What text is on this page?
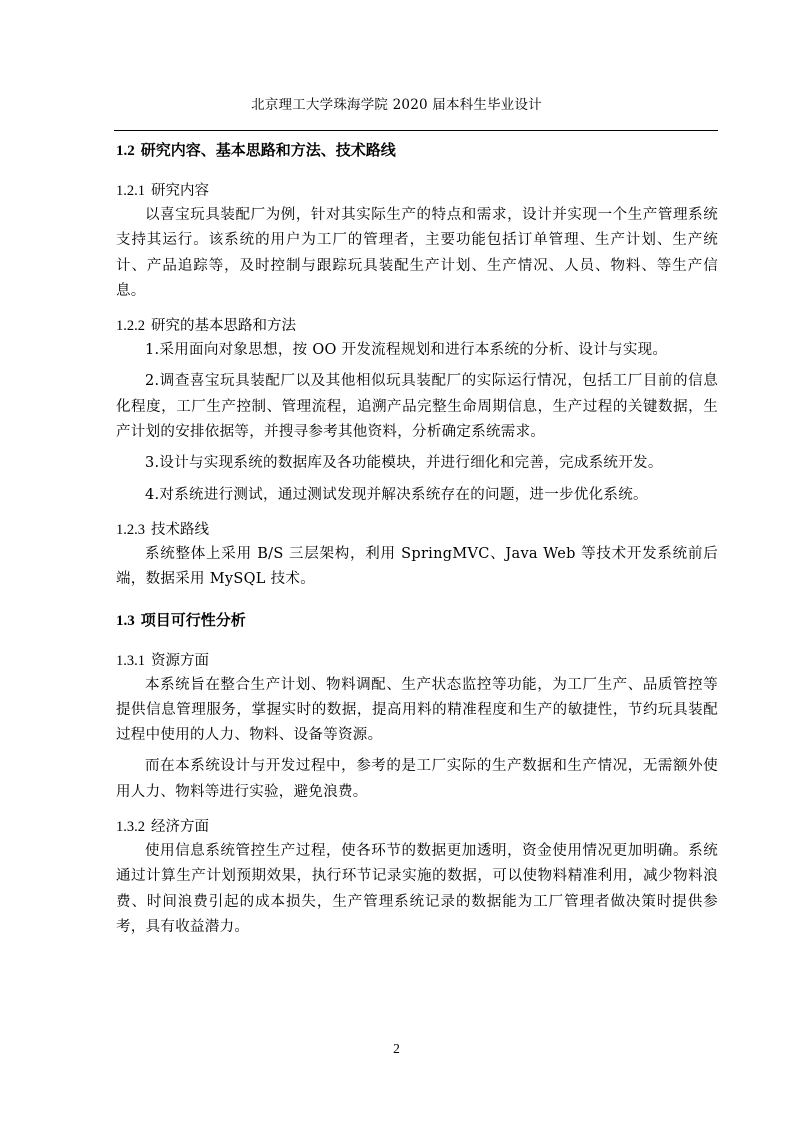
北京理工大学珠海学院 2020 届本科生毕业设计
1.2 研究内容、基本思路和方法、技术路线
1.2.1 研究内容

以喜宝玩具装配厂为例，针对其实际生产的特点和需求，设计并实现一个生产管理系统支持其运行。该系统的用户为工厂的管理者，主要功能包括订单管理、生产计划、生产统计、产品追踪等，及时控制与跟踪玩具装配生产计划、生产情况、人员、物料、等生产信息。

1.2.2 研究的基本思路和方法

1.采用面向对象思想，按 OO 开发流程规划和进行本系统的分析、设计与实现。

2.调查喜宝玩具装配厂以及其他相似玩具装配厂的实际运行情况，包括工厂目前的信息化程度，工厂生产控制、管理流程，追溯产品完整生命周期信息，生产过程的关键数据，生产计划的安排依据等，并搜寻参考其他资料，分析确定系统需求。

3.设计与实现系统的数据库及各功能模块，并进行细化和完善，完成系统开发。

4.对系统进行测试，通过测试发现并解决系统存在的问题，进一步优化系统。

1.2.3 技术路线

系统整体上采用 B/S 三层架构，利用 SpringMVC、Java Web 等技术开发系统前后端，数据采用 MySQL 技术。

1.3 项目可行性分析
1.3.1 资源方面

本系统旨在整合生产计划、物料调配、生产状态监控等功能，为工厂生产、品质管控等提供信息管理服务，掌握实时的数据，提高用料的精准程度和生产的敏捷性，节约玩具装配过程中使用的人力、物料、设备等资源。

而在本系统设计与开发过程中，参考的是工厂实际的生产数据和生产情况，无需额外使用人力、物料等进行实验，避免浪费。

1.3.2 经济方面

使用信息系统管控生产过程，使各环节的数据更加透明，资金使用情况更加明确。系统通过计算生产计划预期效果，执行环节记录实施的数据，可以使物料精准利用，减少物料浪费、时间浪费引起的成本损失，生产管理系统记录的数据能为工厂管理者做决策时提供参考，具有收益潜力。

2
